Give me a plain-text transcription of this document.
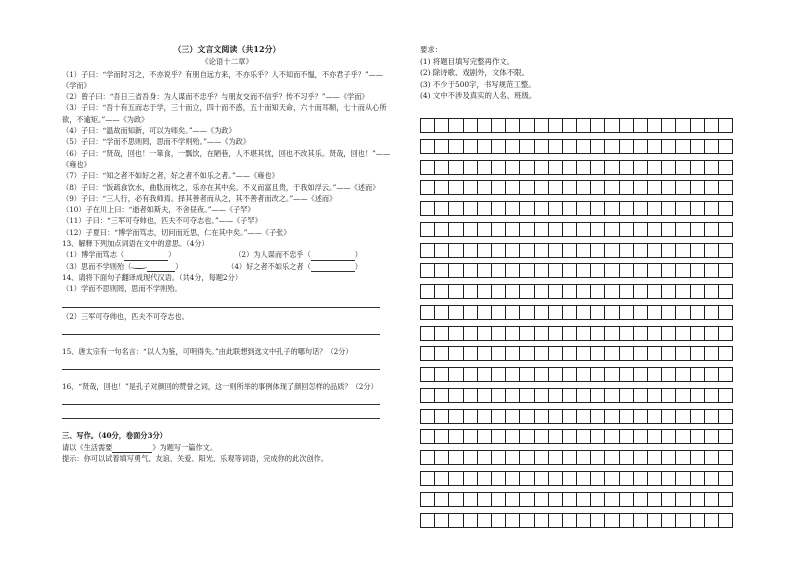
（三）文言文阅读（共12分）
《论语十二章》
（1）子曰：“学而时习之，不亦说乎？有朋自远方来，不亦乐乎？人不知而不愠，不亦君子乎？”——《学而》
（2）曾子曰：“吾日三省吾身：为人谋而不忠乎？与朋友交而不信乎？传不习乎？”——《学而》
（3）子曰：“吾十有五而志于学，三十而立，四十而不惑，五十而知天命，六十而耳顺，七十而从心所欲，不逾矩。”——《为政》
（4）子曰：“温故而知新，可以为师矣。”——《为政》
（5）子曰：“学而不思则罔，思而不学则殆。”——《为政》
（6）子曰：“贤哉，回也！一箪食，一瓢饮，在陋巷，人不堪其忧，回也不改其乐。贤哉，回也！”——《雍也》
（7）子曰：“知之者不如好之者，好之者不如乐之者。”——《雍也》
（8）子曰：“饭疏食饮水，曲肱而枕之，乐亦在其中矣。不义而富且贵，于我如浮云。”——《述而》
（9）子曰：“三人行，必有我师焉。择其善者而从之，其不善者而改之。”——《述而》
（10）子在川上曰：“逝者如斯夫，不舍昼夜。”——《子罕》
（11）子曰：“三军可夺帅也，匹夫不可夺志也。”——《子罕》
（12）子夏曰：“博学而笃志，切问而近思，仁在其中矣。”——《子张》
13、解释下列加点词语在文中的意思。（4分）
（1）博学而笃志（	）	（2）为人谋而不忠乎（	）
（3）思而不学则殆（	）	（4）好之者不如乐之者（	）
14、请将下面句子翻译成现代汉语。（共4分，每题2分）
（1）学而不思则罔，思而不学则殆。
（2）三军可夺帅也，匹夫不可夺志也。
15、唐太宗有一句名言：“以人为鉴，可明得失。”由此联想到选文中孔子的哪句话？（2分）
16、“贤哉，回也！”是孔子对颜回的赞誉之词，这一则所举的事例体现了颜回怎样的品质？（2分）
三、写作。（40分，卷面分3分）
请以《生活需要	》为题写一篇作文。
提示：你可以试着填写勇气、友谊、关爱、阳光、乐观等词语，完成你的此次创作。
要求：
(1) 将题目填写完整再作文。
(2) 除诗歌、戏剧外，文体不限。
(3) 不少于500字，书写规范工整。
(4) 文中不涉及真实的人名、班级。
